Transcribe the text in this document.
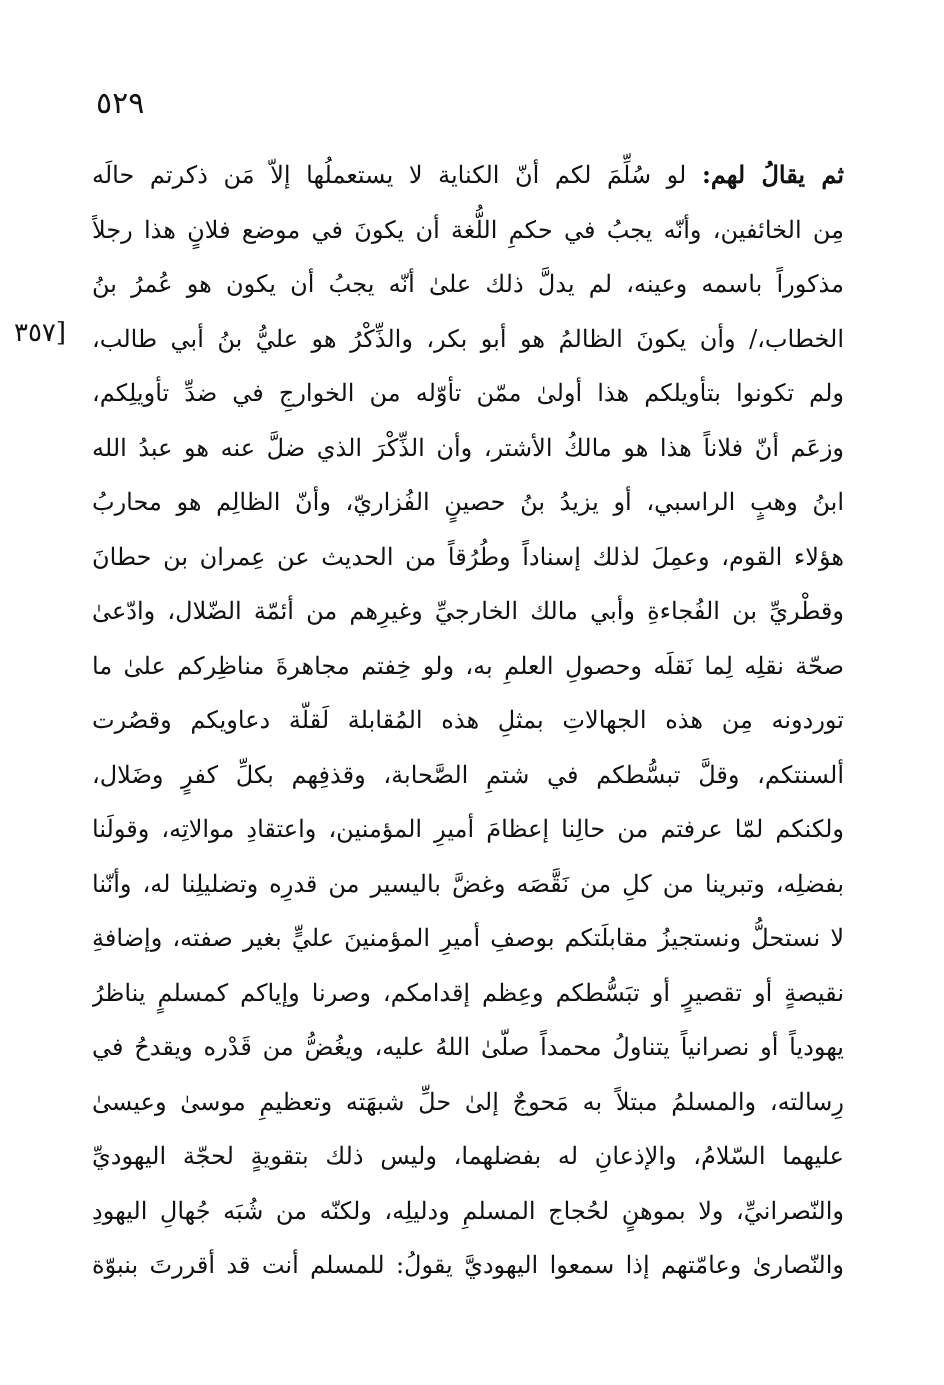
٥٢٩
[٣٥٧
ثم يقالُ لهم: لو سُلِّمَ لكم أنّ الكناية لا يستعملُها إلاّ مَن ذكرتم حالَه
مِن الخائفين، وأنّه يجبُ في حكمِ اللُّغة أن يكونَ في موضع فلانٍ هذا رجلاً
مذكوراً باسمه وعينه، لم يدلَّ ذلك علىٰ أنّه يجبُ أن يكون هو عُمرُ بنُ
الخطاب،/ وأن يكونَ الظالمُ هو أبو بكر، والذِّكْرُ هو عليُّ بنُ أبي طالب،
ولم تكونوا بتأويلكم هذا أولىٰ ممّن تأوّله من الخوارجِ في ضدِّ تأويلِكم،
وزعَم أنّ فلاناً هذا هو مالكُ الأشتر، وأن الذِّكْرَ الذي ضلَّ عنه هو عبدُ الله
ابنُ وهبٍ الراسبي، أو يزيدُ بنُ حصينٍ الفُزاريّ، وأنّ الظالِم هو محاربُ
هؤلاء القوم، وعمِلَ لذلك إسناداً وطُرُقاً من الحديث عن عِمران بن حطانَ
وقطْريِّ بن الفُجاءةِ وأبي مالك الخارجيِّ وغيرِهم من أئمّة الضّلال، وادّعىٰ
صحّة نقلِه لِما نَقلَه وحصولِ العلمِ به، ولو خِفتم مجاهرةَ مناظِركم علىٰ ما
توردونه مِن هذه الجهالاتِ بمثلِ هذه المُقابلة لَقلّة دعاويكم وقصُرت
ألسنتكم، وقلَّ تبسُّطكم في شتمِ الصَّحابة، وقذفِهم بكلِّ كفرٍ وضَلال،
ولكنكم لمّا عرفتم من حالِنا إعظامَ أميرِ المؤمنين، واعتقادِ موالاتِه، وقولَنا
بفضلِه، وتبرينا من كلِ من نَقَّصَه وغضَّ باليسير من قدرِه وتضليلِنا له، وأنّنا
لا نستحلُّ ونستجيزُ مقابلَتكم بوصفِ أميرِ المؤمنينَ عليٍّ بغير صفته، وإضافةِ
نقيصةٍ أو تقصيرٍ أو تبَسُّطكم وعِظم إقدامكم، وصرنا وإياكم كمسلمٍ يناظرُ
يهودياً أو نصرانياً يتناولُ محمداً صلّىٰ اللهُ عليه، ويغُضُّ من قَدْره ويقدحُ في
رِسالته، والمسلمُ مبتلاً به مَحوجٌ إلىٰ حلِّ شبهَته وتعظيمِ موسىٰ وعيسىٰ
عليهما السّلامُ، والإذعانِ له بفضلهما، وليس ذلك بتقويةٍ لحجّة اليهوديِّ
والنّصرانيِّ، ولا بموهنٍ لحُجاج المسلمِ ودليلِه، ولكنّه من شُبَه جُهالِ اليهودِ
والنّصارىٰ وعامّتهم إذا سمعوا اليهوديَّ يقولُ: للمسلم أنت قد أقررتَ بنبوّة
